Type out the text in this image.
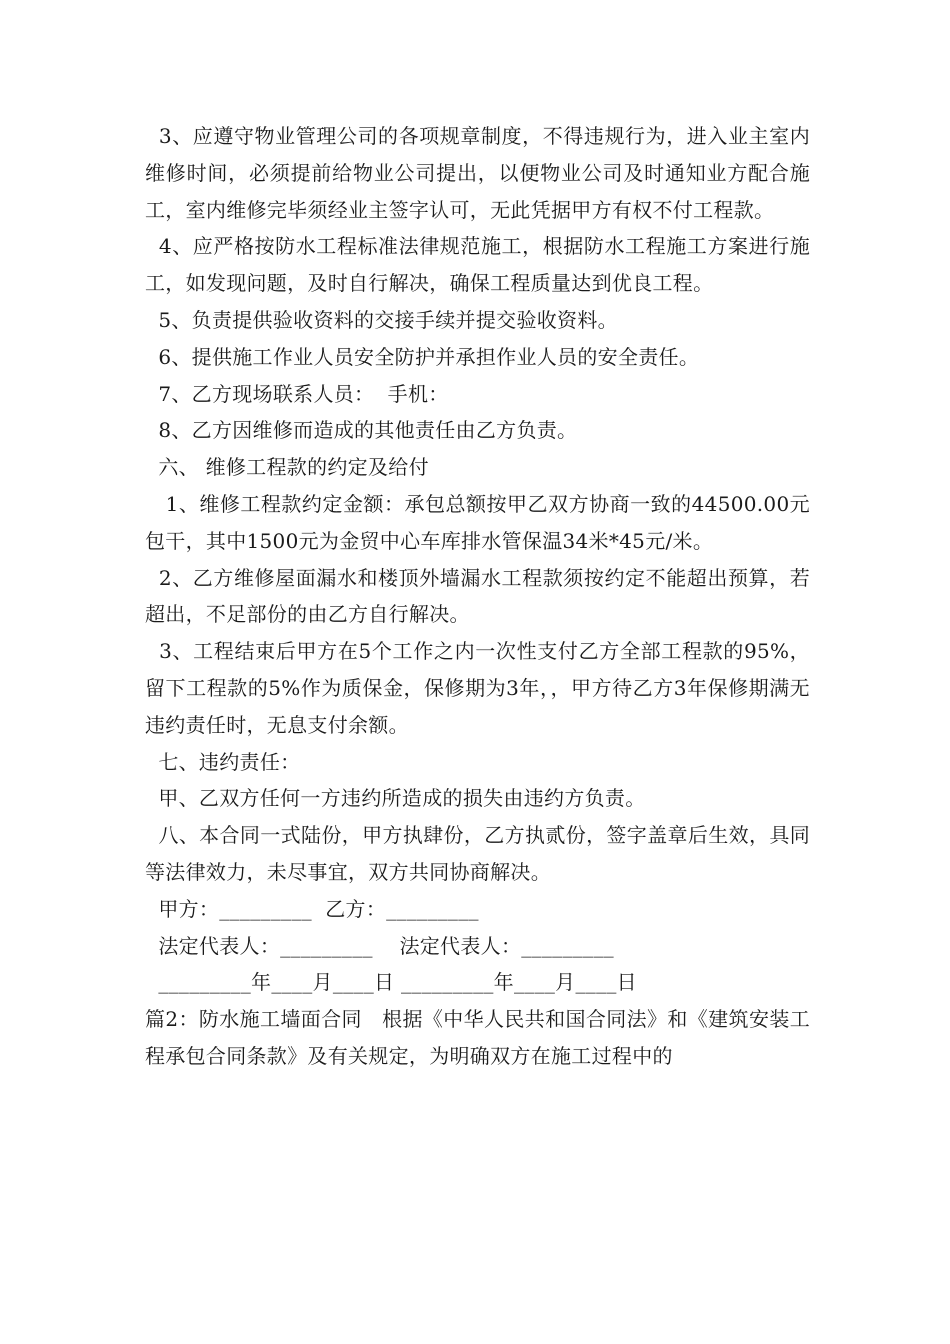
3、应遵守物业管理公司的各项规章制度，不得违规行为，进入业主室内维修时间，必须提前给物业公司提出，以便物业公司及时通知业方配合施工，室内维修完毕须经业主签字认可，无此凭据甲方有权不付工程款。

4、应严格按防水工程标准法律规范施工，根据防水工程施工方案进行施工，如发现问题，及时自行解决，确保工程质量达到优良工程。

5、负责提供验收资料的交接手续并提交验收资料。

6、提供施工作业人员安全防护并承担作业人员的安全责任。

7、乙方现场联系人员：  手机：

8、乙方因维修而造成的其他责任由乙方负责。

六、 维修工程款的约定及给付

1、维修工程款约定金额：承包总额按甲乙双方协商一致的44500.00元包干，其中1500元为金贸中心车库排水管保温34米*45元/米。

2、乙方维修屋面漏水和楼顶外墙漏水工程款须按约定不能超出预算，若超出，不足部份的由乙方自行解决。

3、工程结束后甲方在5个工作之内一次性支付乙方全部工程款的95%，留下工程款的5%作为质保金，保修期为3年，，甲方待乙方3年保修期满无违约责任时，无息支付余额。

七、违约责任：

甲、乙双方任何一方违约所造成的损失由违约方负责。

八、本合同一式陆份，甲方执肆份，乙方执贰份，签字盖章后生效，具同等法律效力，未尽事宜，双方共同协商解决。

甲方：_________  乙方：_________

法定代表人：_________    法定代表人：_________

_________年____月____日 _________年____月____日

篇2：防水施工墙面合同   根据《中华人民共和国合同法》和《建筑安装工程承包合同条款》及有关规定，为明确双方在施工过程中的
